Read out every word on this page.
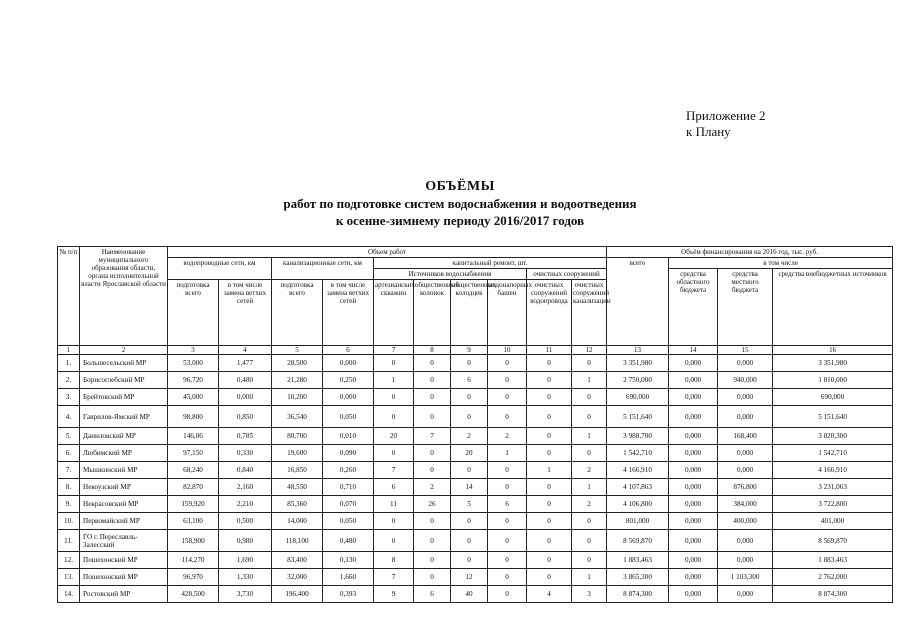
Приложение 2
к Плану
ОБЪЁМЫ
работ по подготовке систем водоснабжения и водоотведения
к осенне-зимнему периоду 2016/2017 годов
№ п/п	Наименование муниципального образования области, органа исполнительной власти Ярославской области	Объем работ										Объём финансирования на 2016 год, тыс. руб.			
		водопроводные сети, км		канализационные сети, км		капитальный ремонт, шт.						всего	в том числе		
						Источников водоснабжения				очистных сооружений			средства областного бюджета	средства местного бюджета	средства внебюджетных источников
		подготовка всего	в том числе замена ветхих сетей	подготовка всего	в том числе замена ветхих сетей	артезианских скважин	общественных колонок	общественных колодцев	водонапорных башен	очистных сооружений водопровода	очистных сооружений канализации				
1	2	3	4	5	6	7	8	9	10	11	12	13	14	15	16
1.	Большесельский МР	53,000	1,477	28,500	0,000	0	0	0	0	0	0	3 351,980	0,000	0,000	3 351,980
2.	Борисоглебский МР	96,720	0,480	21,280	0,250	1	0	6	0	0	1	2 750,000	0,000	940,000	1 810,000
3.	Брейтовский МР	45,000	0,000	10,200	0,000	0	0	0	0	0	0	690,000	0,000	0,000	690,000
4.	Гаврилов-Ямский МР	98,800	0,850	36,540	0,050	0	0	0	0	0	0	5 151,640	0,000	0,000	5 151,640
5.	Даниловский МР	146,06	0,785	80,700	0,010	20	7	2	2	0	1	3 988,700	0,000	168,400	3 820,300
6.	Любимский МР	97,150	0,330	19,600	0,090	0	0	20	1	0	0	1 542,710	0,000	0,000	1 542,710
7.	Мышкинский МР	68,240	0,840	16,850	0,260	7	0	0	0	1	2	4 166,910	0,000	0,000	4 166,910
8.	Некоузский МР	82,870	2,160	48,550	0,710	6	2	14	0	0	1	4 107,863	0,000	876,800	3 231,063
9.	Некрасовский МР	159,920	2,210	85,360	0,070	11	26	5	6	0	2	4 106,800	0,000	384,000	3 722,800
10.	Первомайский МР	63,100	0,500	14,000	0,050	0	0	0	0	0	0	801,000	0,000	400,000	401,000
11.	ГО г. Переславль-Залесский	158,900	0,980	118,100	0,480	0	0	0	0	0	0	8 569,870	0,000	0,000	8 569,870
12.	Пошехонский МР	114,270	1,690	83,400	0,130	8	0	0	0	0	0	1 883,463	0,000	0,000	1 883,463
13.	Пошехонский МР	96,970	1,330	32,000	1,660	7	0	12	0	0	1	3 865,300	0,000	1 103,300	2 762,000
14.	Ростовский МР	428,500	3,730	196,400	0,393	9	6	40	0	4	3	8 874,300	0,000	0,000	8 874,300
